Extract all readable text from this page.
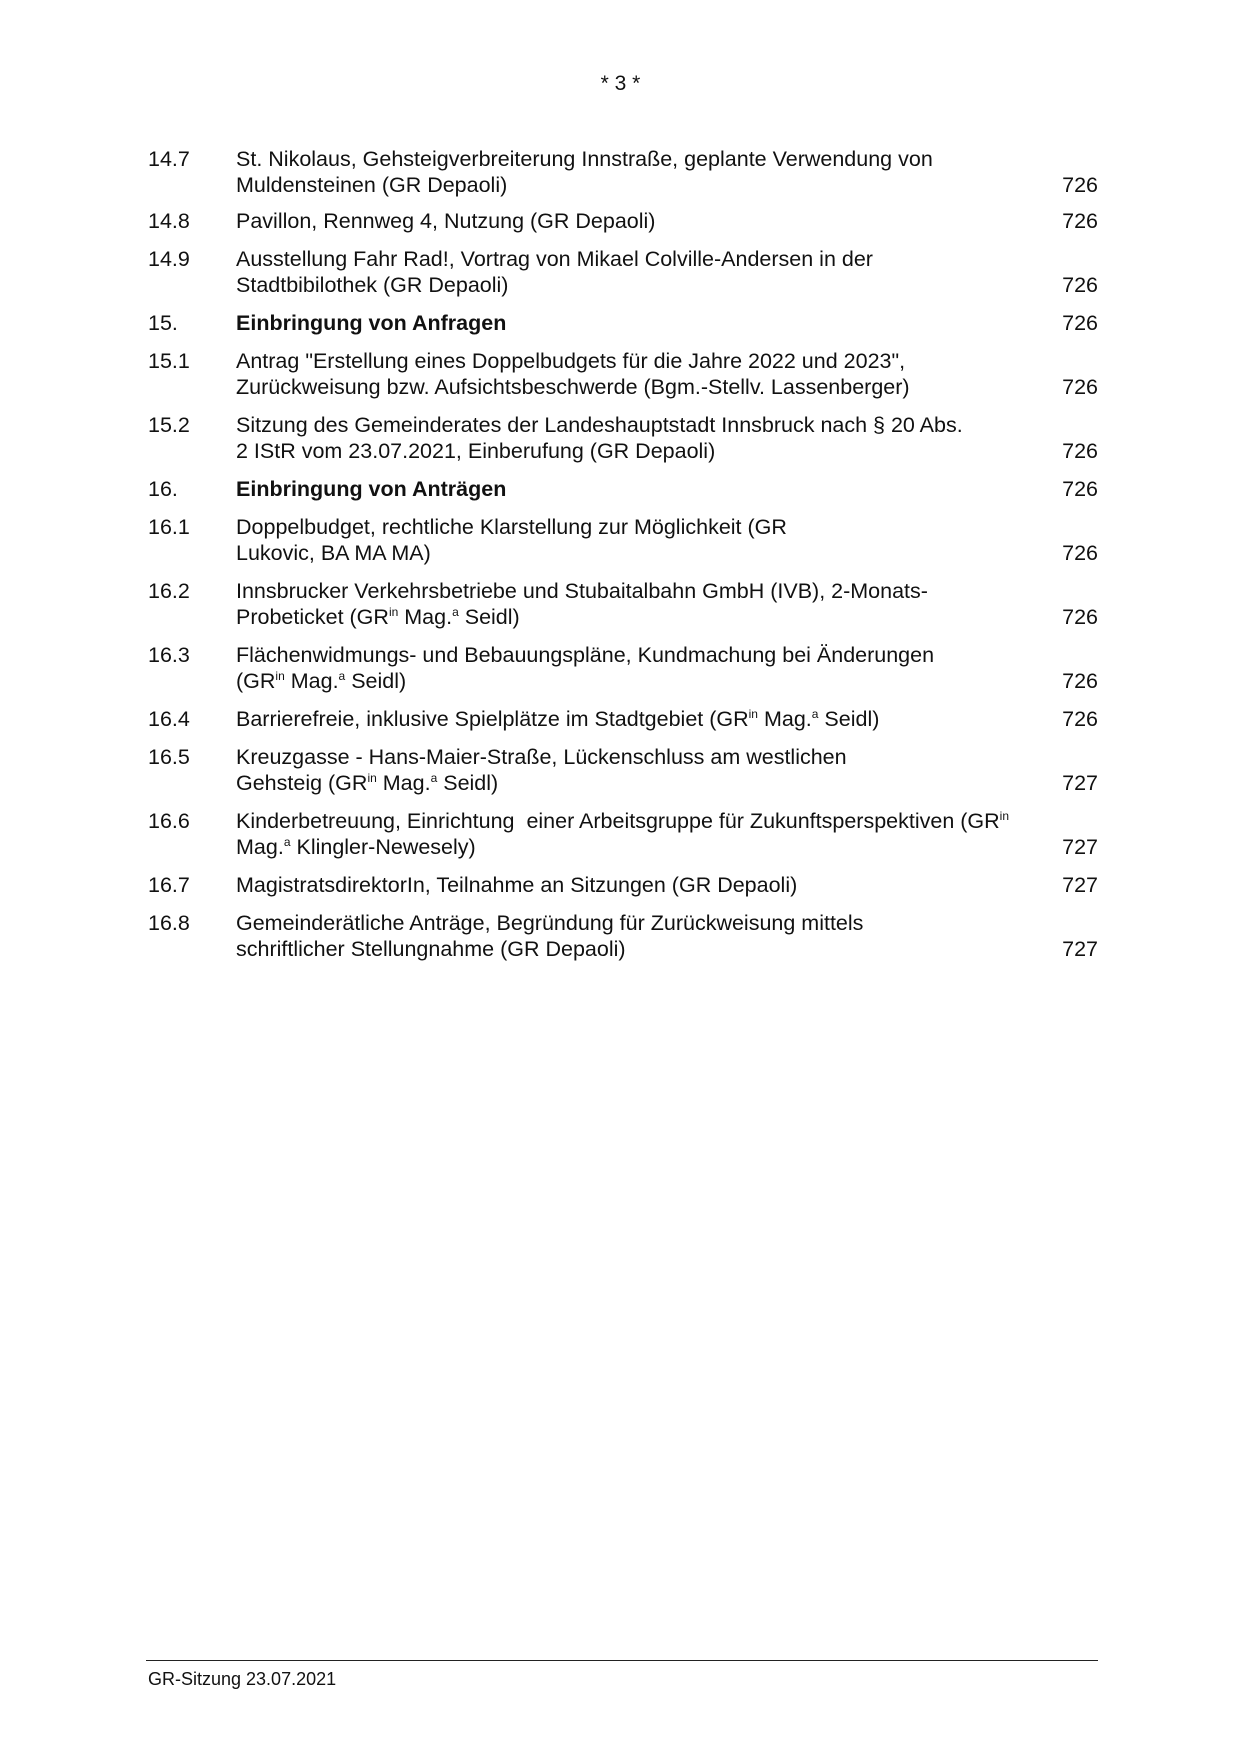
* 3 *
14.7	St. Nikolaus, Gehsteigverbreiterung Innstraße, geplante Verwendung von Muldensteinen (GR Depaoli)	726
14.8	Pavillon, Rennweg 4, Nutzung (GR Depaoli)	726
14.9	Ausstellung Fahr Rad!, Vortrag von Mikael Colville-Andersen in der Stadtbibilothek (GR Depaoli)	726
15.	Einbringung von Anfragen	726
15.1	Antrag "Erstellung eines Doppelbudgets für die Jahre 2022 und 2023", Zurückweisung bzw. Aufsichtsbeschwerde (Bgm.-Stellv. Lassenberger)	726
15.2	Sitzung des Gemeinderates der Landeshauptstadt Innsbruck nach § 20 Abs. 2 IStR vom 23.07.2021, Einberufung (GR Depaoli)	726
16.	Einbringung von Anträgen	726
16.1	Doppelbudget, rechtliche Klarstellung zur Möglichkeit (GR Lukovic, BA MA MA)	726
16.2	Innsbrucker Verkehrsbetriebe und Stubaitalbahn GmbH (IVB), 2-Monats-Probeticket ($GR^{in}$ Mag.$^a$ Seidl)	726
16.3	Flächenwidmungs- und Bebauungspläne, Kundmachung bei Änderungen ($GR^{in}$ Mag.$^a$ Seidl)	726
16.4	Barrierefreie, inklusive Spielplätze im Stadtgebiet ($GR^{in}$ Mag.$^a$ Seidl)	726
16.5	Kreuzgasse - Hans-Maier-Straße, Lückenschluss am westlichen Gehsteig ($GR^{in}$ Mag.$^a$ Seidl)	727
16.6	Kinderbetreuung, Einrichtung  einer Arbeitsgruppe für Zukunftsperspektiven ($GR^{in}$ Mag.$^a$ Klingler-Newesely)	727
16.7	MagistratsdirektorIn, Teilnahme an Sitzungen (GR Depaoli)	727
16.8	Gemeinderätliche Anträge, Begründung für Zurückweisung mittels schriftlicher Stellungnahme (GR Depaoli)	727
GR-Sitzung 23.07.2021
